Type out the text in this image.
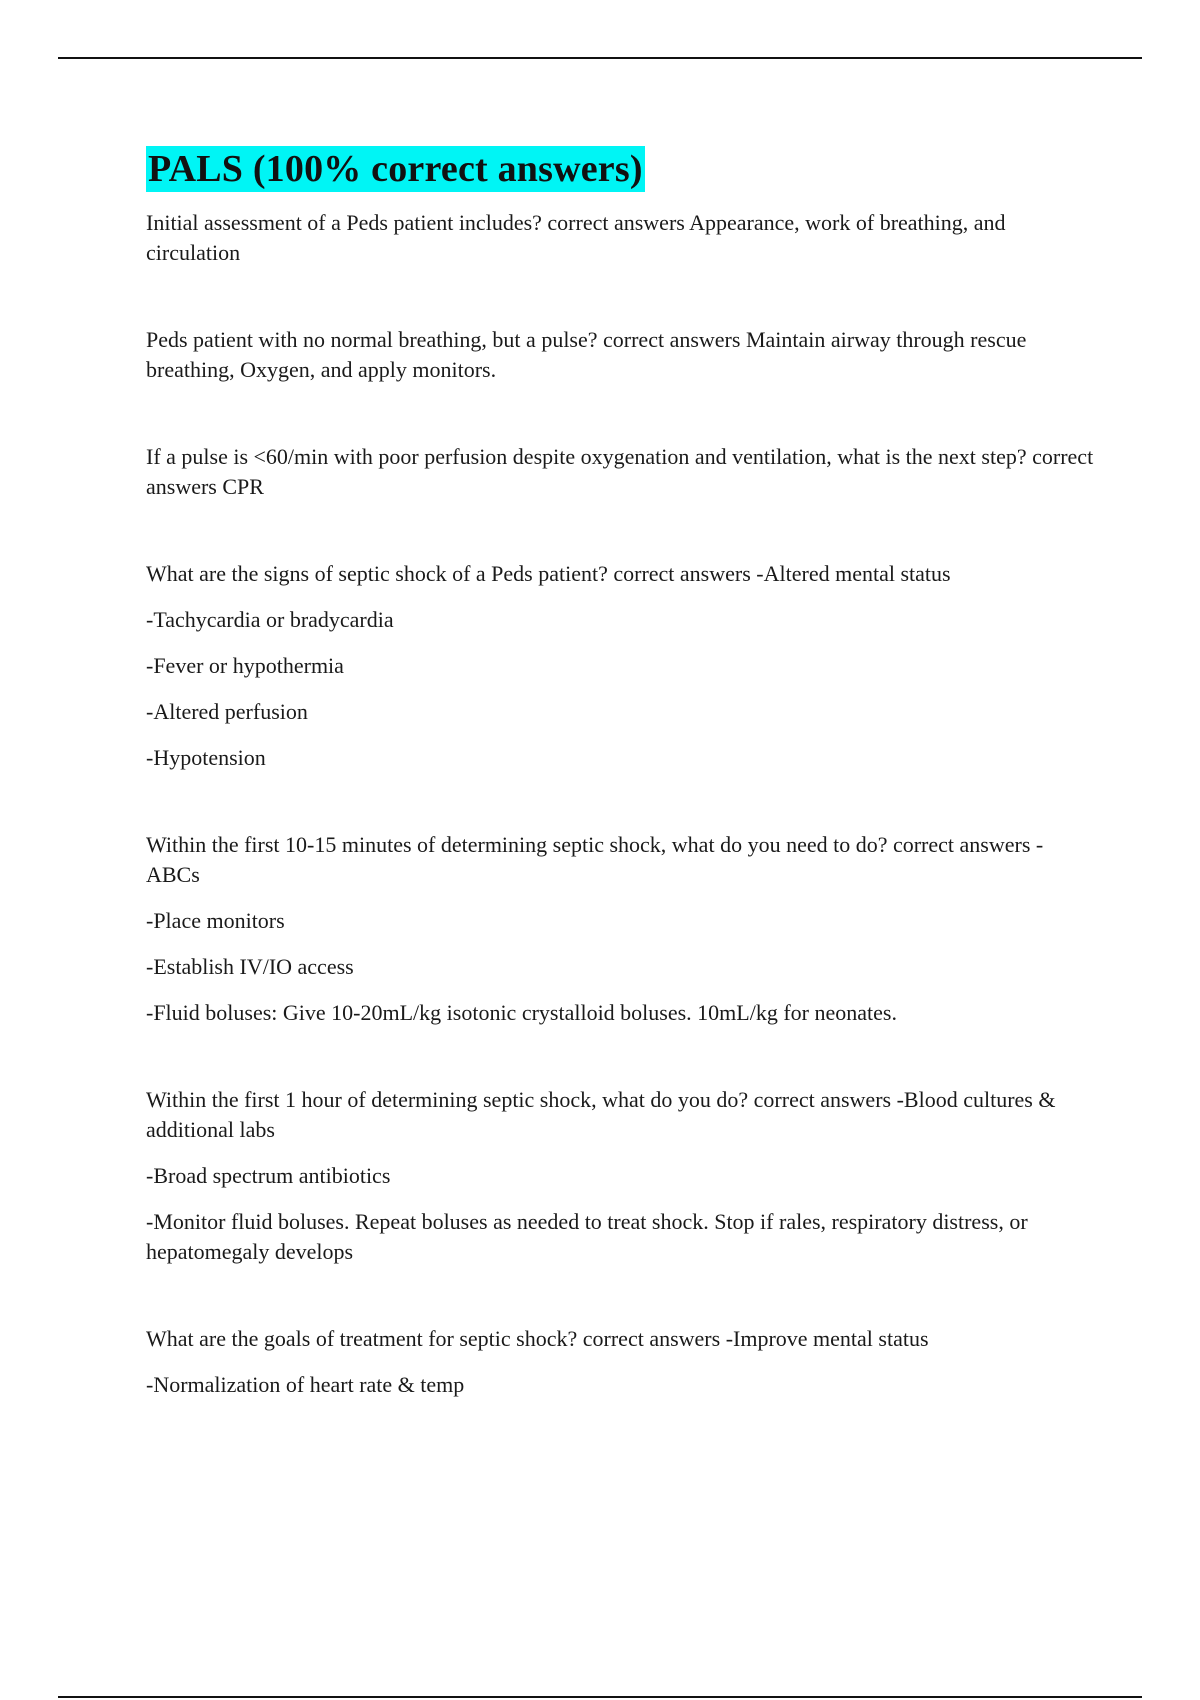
PALS (100% correct answers)

Initial assessment of a Peds patient includes? correct answers Appearance, work of breathing, and circulation

Peds patient with no normal breathing, but a pulse? correct answers Maintain airway through rescue breathing, Oxygen, and apply monitors.

If a pulse is <60/min with poor perfusion despite oxygenation and ventilation, what is the next step? correct answers CPR

What are the signs of septic shock of a Peds patient? correct answers -Altered mental status

-Tachycardia or bradycardia

-Fever or hypothermia

-Altered perfusion

-Hypotension

Within the first 10-15 minutes of determining septic shock, what do you need to do? correct answers -ABCs

-Place monitors

-Establish IV/IO access

-Fluid boluses: Give 10-20mL/kg isotonic crystalloid boluses. 10mL/kg for neonates.

Within the first 1 hour of determining septic shock, what do you do? correct answers -Blood cultures & additional labs

-Broad spectrum antibiotics

-Monitor fluid boluses. Repeat boluses as needed to treat shock. Stop if rales, respiratory distress, or hepatomegaly develops

What are the goals of treatment for septic shock? correct answers -Improve mental status

-Normalization of heart rate & temp
